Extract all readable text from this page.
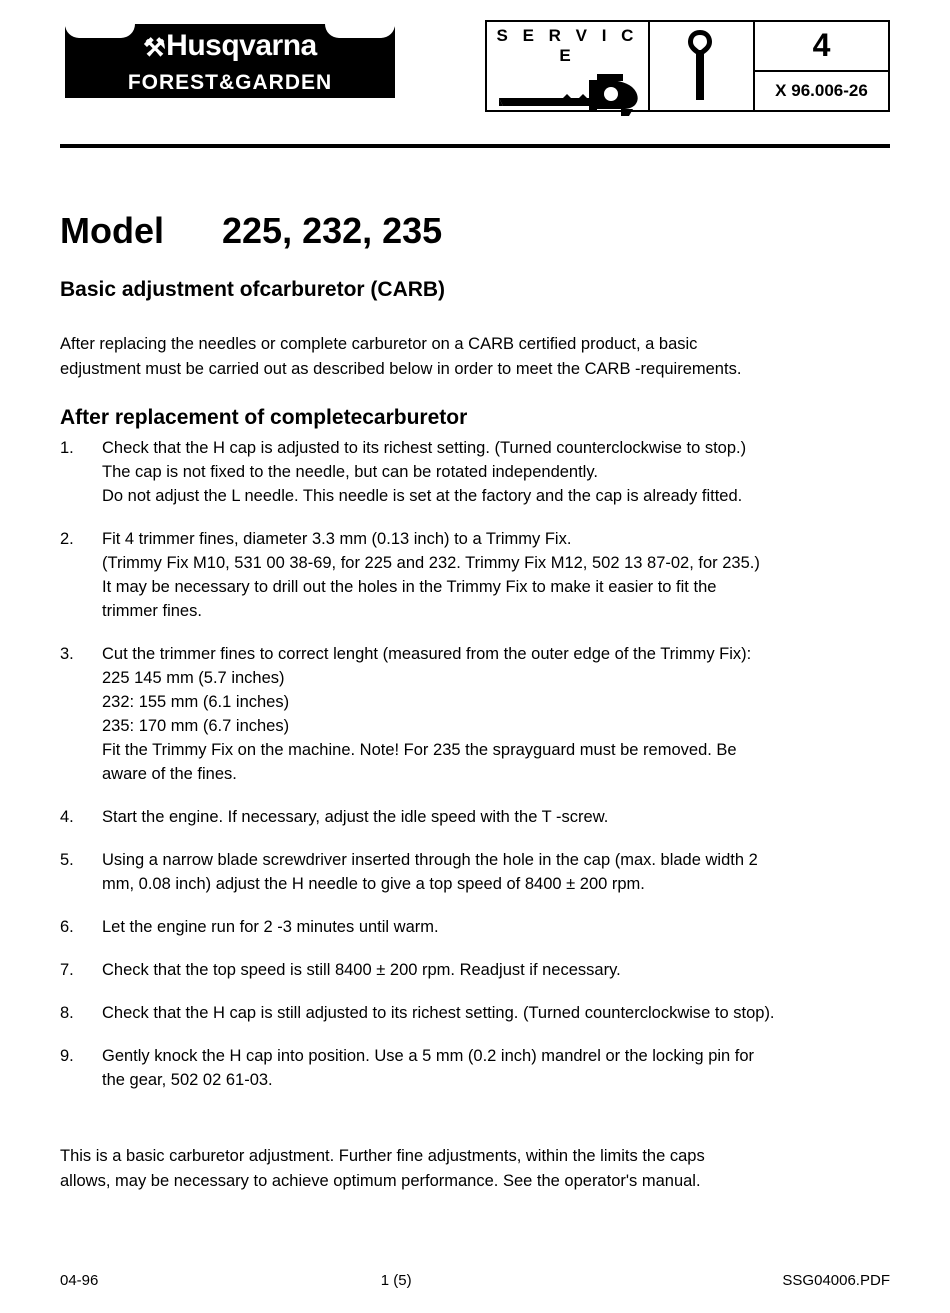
⚒Husqvarna
FOREST&GARDEN
S E R V I C E	4
X 96.006-26
Model 225, 232, 235
Basic adjustment ofcarburetor (CARB)
After replacing the needles or complete carburetor on a CARB certified product, a basic
edjustment must be carried out as described below in order to meet the CARB -requirements.
After replacement of completecarburetor
1.	Check that the H cap is adjusted to its richest setting. (Turned counterclockwise to stop.)
The cap is not fixed to the needle, but can be rotated independently.
Do not adjust the L needle. This needle is set at the factory and the cap is already fitted.
2.	Fit 4 trimmer fines, diameter 3.3 mm (0.13 inch) to a Trimmy Fix.
(Trimmy Fix M10, 531 00 38-69, for 225 and 232. Trimmy Fix M12, 502 13 87-02, for 235.)
It may be necessary to drill out the holes in the Trimmy Fix to make it easier to fit the
trimmer fines.
3.	Cut the trimmer fines to correct lenght (measured from the outer edge of the Trimmy Fix):
225 145 mm (5.7 inches)
232: 155 mm (6.1 inches)
235: 170 mm (6.7 inches)
Fit the Trimmy Fix on the machine. Note! For 235 the sprayguard must be removed. Be
aware of the fines.
4.	Start the engine. If necessary, adjust the idle speed with the T -screw.
5.	Using a narrow blade screwdriver inserted through the hole in the cap (max. blade width 2
mm, 0.08 inch) adjust the H needle to give a top speed of 8400 ± 200 rpm.
6.	Let the engine run for 2 -3 minutes until warm.
7.	Check that the top speed is still 8400 ± 200 rpm. Readjust if necessary.
8.	Check that the H cap is still adjusted to its richest setting. (Turned counterclockwise to stop).
9.	Gently knock the H cap into position. Use a 5 mm (0.2 inch) mandrel or the locking pin for
the gear, 502 02 61-03.
This is a basic carburetor adjustment. Further fine adjustments, within the limits the caps
allows, may be necessary to achieve optimum performance. See the operator's manual.
04-96	1 (5)	SSG04006.PDF
